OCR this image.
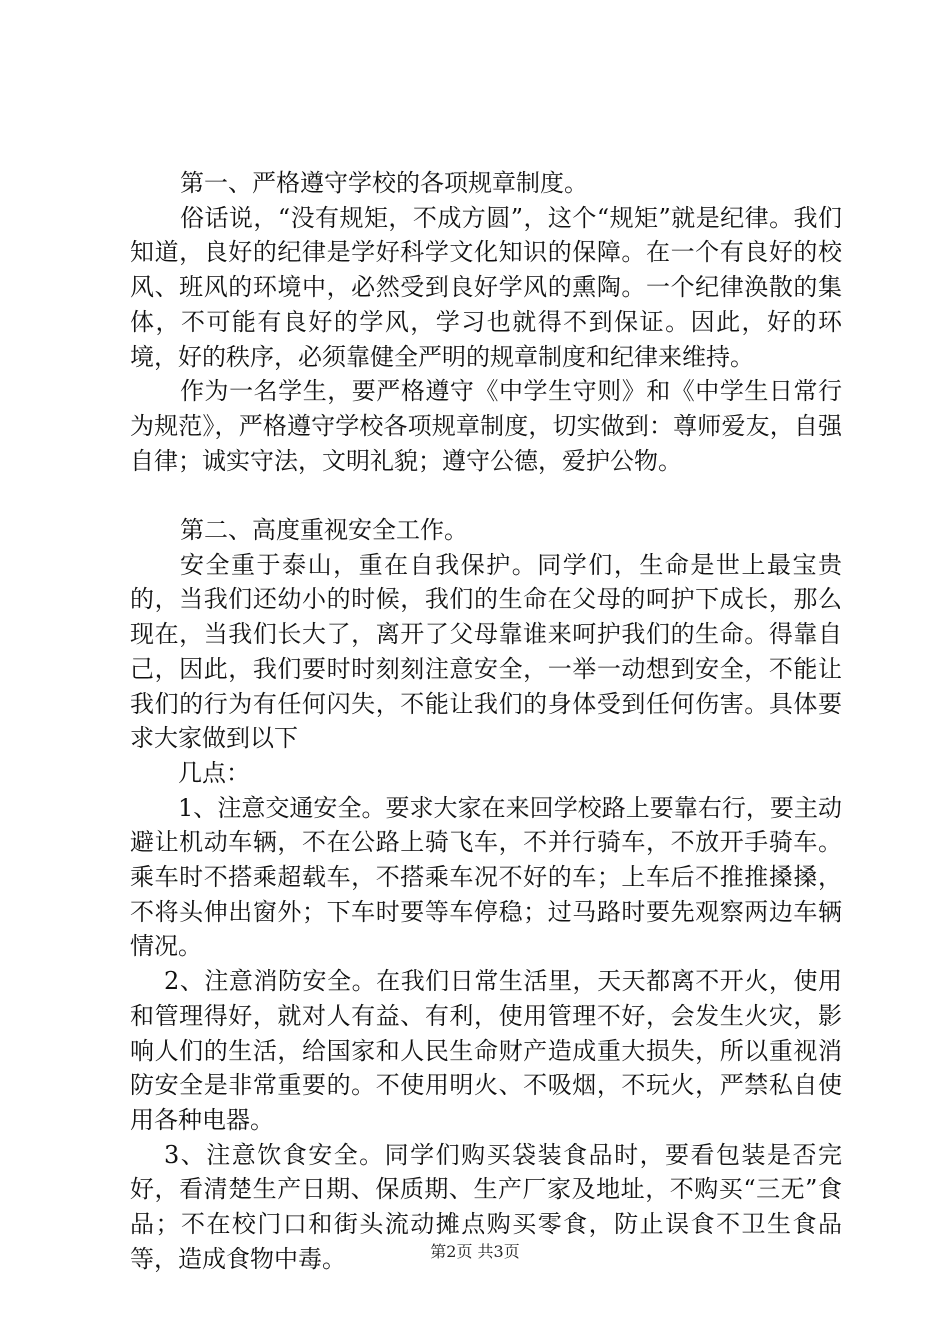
第一、严格遵守学校的各项规章制度。

俗话说，“没有规矩，不成方圆”，这个“规矩”就是纪律。我们知道，良好的纪律是学好科学文化知识的保障。在一个有良好的校风、班风的环境中，必然受到良好学风的熏陶。一个纪律涣散的集体，不可能有良好的学风，学习也就得不到保证。因此，好的环境，好的秩序，必须靠健全严明的规章制度和纪律来维持。

作为一名学生，要严格遵守《中学生守则》和《中学生日常行为规范》，严格遵守学校各项规章制度，切实做到：尊师爱友，自强自律；诚实守法，文明礼貌；遵守公德，爱护公物。

第二、高度重视安全工作。

安全重于泰山，重在自我保护。同学们，生命是世上最宝贵的，当我们还幼小的时候，我们的生命在父母的呵护下成长，那么现在，当我们长大了，离开了父母靠谁来呵护我们的生命。得靠自己，因此，我们要时时刻刻注意安全，一举一动想到安全，不能让我们的行为有任何闪失，不能让我们的身体受到任何伤害。具体要求大家做到以下

几点：

1、注意交通安全。要求大家在来回学校路上要靠右行，要主动避让机动车辆，不在公路上骑飞车，不并行骑车，不放开手骑车。乘车时不搭乘超载车，不搭乘车况不好的车；上车后不推推搡搡，不将头伸出窗外；下车时要等车停稳；过马路时要先观察两边车辆情况。

2、注意消防安全。在我们日常生活里，天天都离不开火，使用和管理得好，就对人有益、有利，使用管理不好，会发生火灾，影响人们的生活，给国家和人民生命财产造成重大损失，所以重视消防安全是非常重要的。不使用明火、不吸烟，不玩火，严禁私自使用各种电器。

3、注意饮食安全。同学们购买袋装食品时，要看包装是否完好，看清楚生产日期、保质期、生产厂家及地址，不购买“三无”食品；不在校门口和街头流动摊点购买零食，防止误食不卫生食品等，造成食物中毒。	第2页 共3页
